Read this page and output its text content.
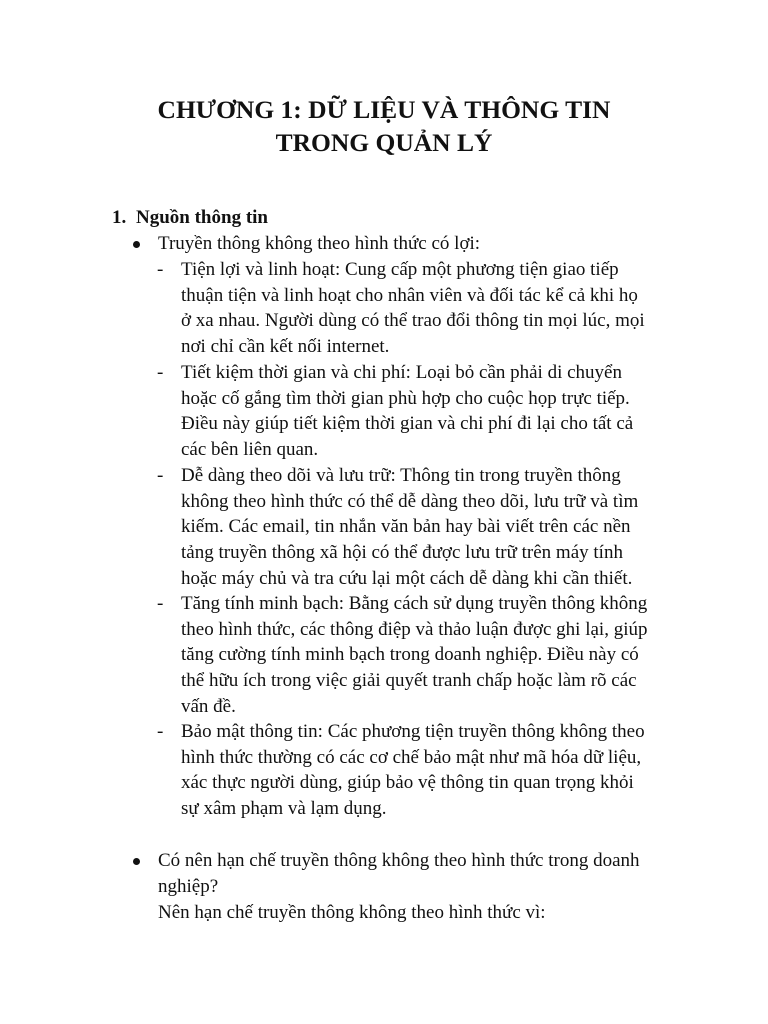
CHƯƠNG 1: DỮ LIỆU VÀ THÔNG TIN
TRONG QUẢN LÝ
1. Nguồn thông tin
Truyền thông không theo hình thức có lợi:
- Tiện lợi và linh hoạt: Cung cấp một phương tiện giao tiếp
thuận tiện và linh hoạt cho nhân viên và đối tác kể cả khi họ
ở xa nhau. Người dùng có thể trao đổi thông tin mọi lúc, mọi
nơi chỉ cần kết nối internet.
- Tiết kiệm thời gian và chi phí: Loại bỏ cần phải di chuyển
hoặc cố gắng tìm thời gian phù hợp cho cuộc họp trực tiếp.
Điều này giúp tiết kiệm thời gian và chi phí đi lại cho tất cả
các bên liên quan.
- Dễ dàng theo dõi và lưu trữ: Thông tin trong truyền thông
không theo hình thức có thể dễ dàng theo dõi, lưu trữ và tìm
kiếm. Các email, tin nhắn văn bản hay bài viết trên các nền
tảng truyền thông xã hội có thể được lưu trữ trên máy tính
hoặc máy chủ và tra cứu lại một cách dễ dàng khi cần thiết.
- Tăng tính minh bạch: Bằng cách sử dụng truyền thông không
theo hình thức, các thông điệp và thảo luận được ghi lại, giúp
tăng cường tính minh bạch trong doanh nghiệp. Điều này có
thể hữu ích trong việc giải quyết tranh chấp hoặc làm rõ các
vấn đề.
- Bảo mật thông tin: Các phương tiện truyền thông không theo
hình thức thường có các cơ chế bảo mật như mã hóa dữ liệu,
xác thực người dùng, giúp bảo vệ thông tin quan trọng khỏi
sự xâm phạm và lạm dụng.
Có nên hạn chế truyền thông không theo hình thức trong doanh
nghiệp?
Nên hạn chế truyền thông không theo hình thức vì:
